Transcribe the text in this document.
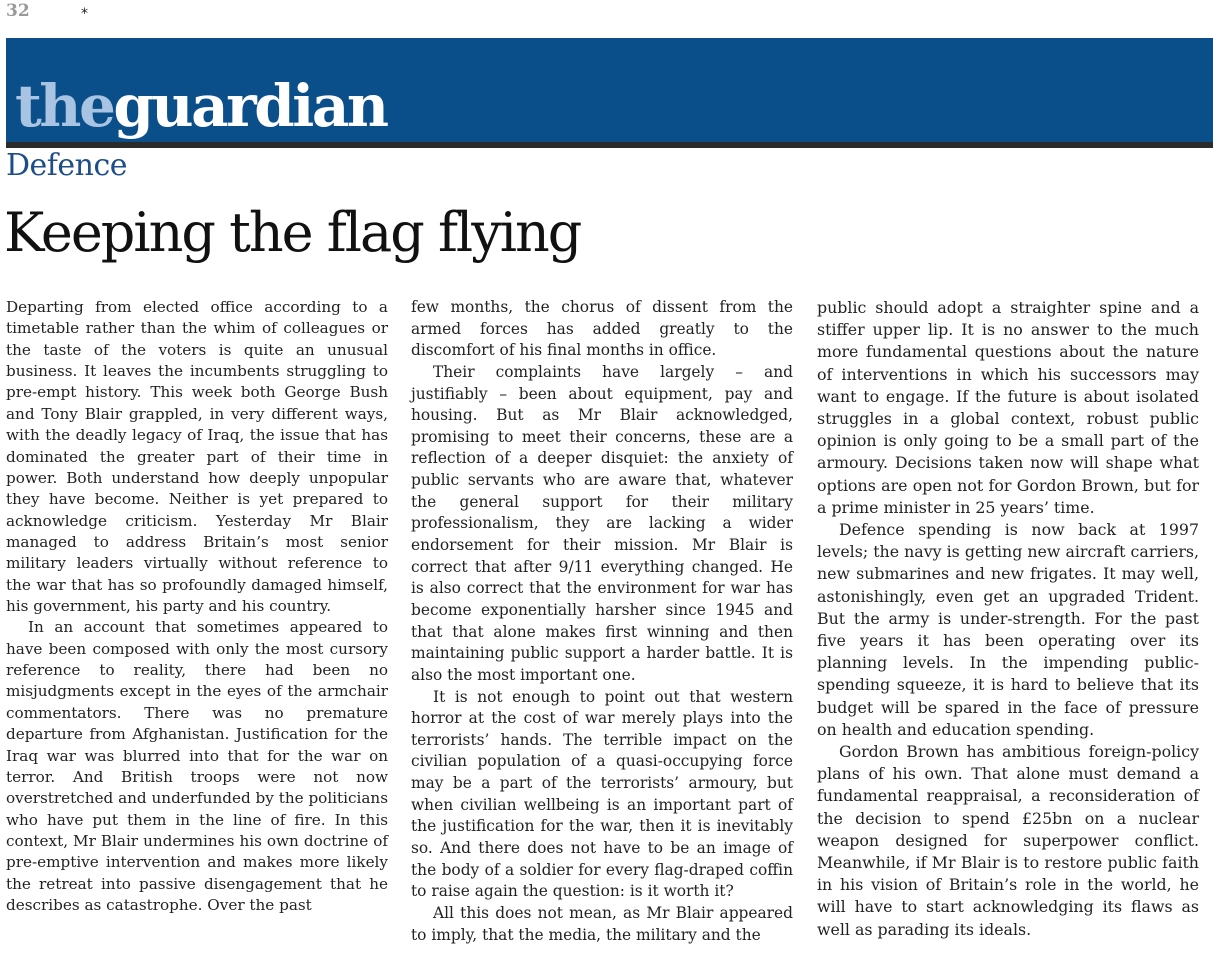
32	*
theguardian
Defence
Keeping the flag flying

Departing from elected office according to a timetable rather than the whim of colleagues or the taste of the voters is quite an unusual business. It leaves the incumbents struggling to pre-empt history. This week both George Bush and Tony Blair grappled, in very different ways, with the deadly legacy of Iraq, the issue that has dominated the greater part of their time in power. Both understand how deeply unpopular they have become. Neither is yet prepared to acknowledge criticism. Yesterday Mr Blair managed to address Britain’s most senior military leaders virtually without reference to the war that has so profoundly damaged himself, his government, his party and his country.

In an account that sometimes appeared to have been composed with only the most cursory reference to reality, there had been no misjudgments except in the eyes of the armchair commentators. There was no premature departure from Afghanistan. Justification for the Iraq war was blurred into that for the war on terror. And British troops were not now overstretched and underfunded by the politicians who have put them in the line of fire. In this context, Mr Blair undermines his own doctrine of pre-emptive intervention and makes more likely the retreat into passive disengagement that he describes as catastrophe. Over the past

few months, the chorus of dissent from the armed forces has added greatly to the discomfort of his final months in office.

Their complaints have largely – and justifiably – been about equipment, pay and housing. But as Mr Blair acknowledged, promising to meet their concerns, these are a reflection of a deeper disquiet: the anxiety of public servants who are aware that, whatever the general support for their military professionalism, they are lacking a wider endorsement for their mission. Mr Blair is correct that after 9/11 everything changed. He is also correct that the environment for war has become exponentially harsher since 1945 and that that alone makes first winning and then maintaining public support a harder battle. It is also the most important one.

It is not enough to point out that western horror at the cost of war merely plays into the terrorists’ hands. The terrible impact on the civilian population of a quasi-occupying force may be a part of the terrorists’ armoury, but when civilian wellbeing is an important part of the justification for the war, then it is inevitably so. And there does not have to be an image of the body of a soldier for every flag-draped coffin to raise again the question: is it worth it?

All this does not mean, as Mr Blair appeared to imply, that the media, the military and the

public should adopt a straighter spine and a stiffer upper lip. It is no answer to the much more fundamental questions about the nature of interventions in which his successors may want to engage. If the future is about isolated struggles in a global context, robust public opinion is only going to be a small part of the armoury. Decisions taken now will shape what options are open not for Gordon Brown, but for a prime minister in 25 years’ time.

Defence spending is now back at 1997 levels; the navy is getting new aircraft carriers, new submarines and new frigates. It may well, astonishingly, even get an upgraded Trident. But the army is under-strength. For the past five years it has been operating over its planning levels. In the impending public-spending squeeze, it is hard to believe that its budget will be spared in the face of pressure on health and education spending.

Gordon Brown has ambitious foreign-policy plans of his own. That alone must demand a fundamental reappraisal, a reconsideration of the decision to spend £25bn on a nuclear weapon designed for superpower conflict. Meanwhile, if Mr Blair is to restore public faith in his vision of Britain’s role in the world, he will have to start acknowledging its flaws as well as parading its ideals.
